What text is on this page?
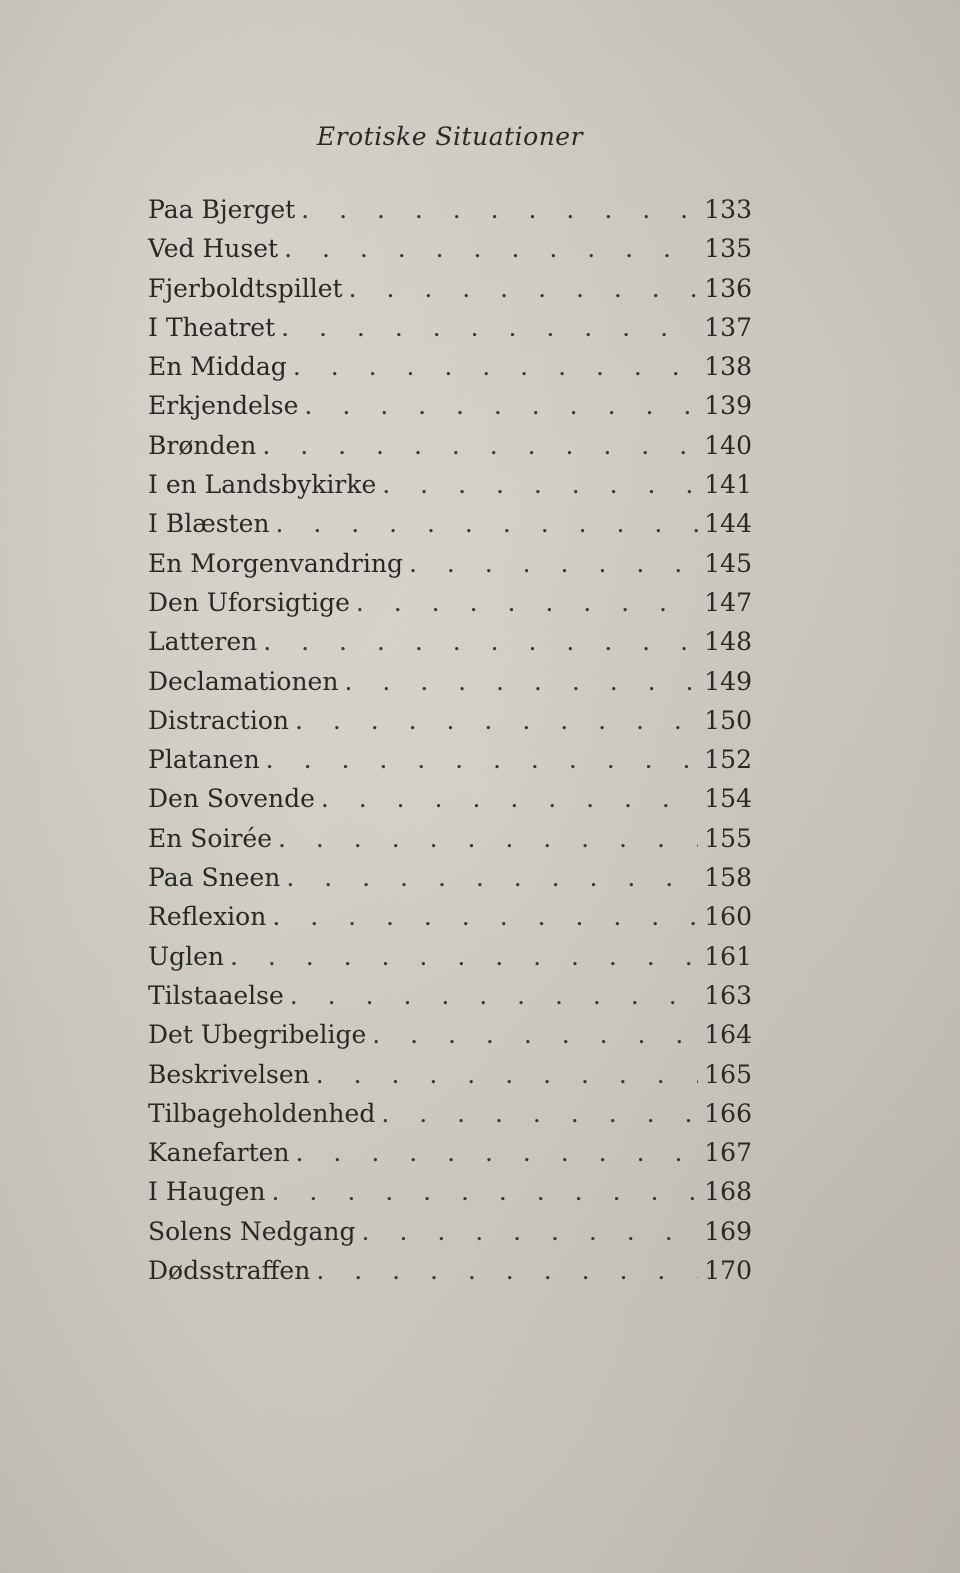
Erotiske Situationer
Paa Bjerget . . .	133
Ved Huset . . .	135
Fjerboldtspillet . . .	136
I Theatret . . .	137
En Middag . . .	138
Erkjendelse . . .	139
Brønden . . .	140
I en Landsbykirke . . .	141
I Blæsten . . .	144
En Morgenvandring . . .	145
Den Uforsigtige . . .	147
Latteren . . .	148
Declamationen . . .	149
Distraction . . .	150
Platanen . . .	152
Den Sovende . . .	154
En Soirée . . .	155
Paa Sneen . . .	158
Reflexion . . .	160
Uglen . . .	161
Tilstaaelse . . .	163
Det Ubegribelige . . .	164
Beskrivelsen . . .	165
Tilbageholdenhed . . .	166
Kanefarten . . .	167
I Haugen . . .	168
Solens Nedgang . . .	169
Dødsstraffen . . .	170
